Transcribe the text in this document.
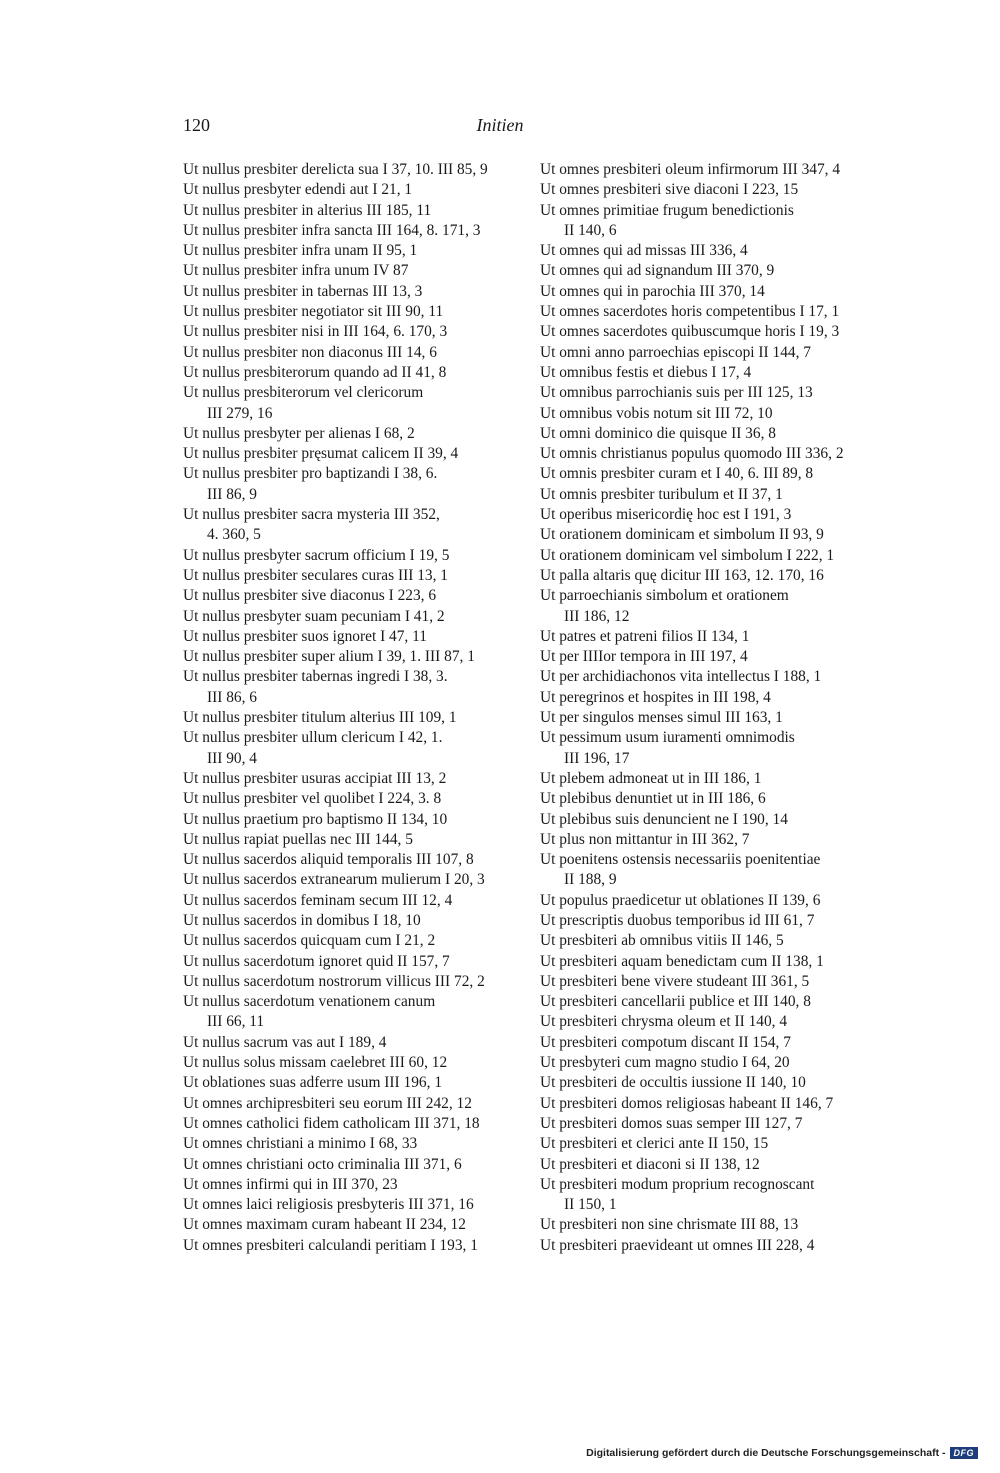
120	Initien
Ut nullus presbiter derelicta sua I 37, 10. III 85, 9
Ut nullus presbyter edendi aut I 21, 1
Ut nullus presbiter in alterius III 185, 11
Ut nullus presbiter infra sancta III 164, 8. 171, 3
Ut nullus presbiter infra unam II 95, 1
Ut nullus presbiter infra unum IV 87
Ut nullus presbiter in tabernas III 13, 3
Ut nullus presbiter negotiator sit III 90, 11
Ut nullus presbiter nisi in III 164, 6. 170, 3
Ut nullus presbiter non diaconus III 14, 6
Ut nullus presbiterorum quando ad II 41, 8
Ut nullus presbiterorum vel clericorum
III 279, 16
Ut nullus presbyter per alienas I 68, 2
Ut nullus presbiter pręsumat calicem II 39, 4
Ut nullus presbiter pro baptizandi I 38, 6.
III 86, 9
Ut nullus presbiter sacra mysteria III 352,
4. 360, 5
Ut nullus presbyter sacrum officium I 19, 5
Ut nullus presbiter seculares curas III 13, 1
Ut nullus presbiter sive diaconus I 223, 6
Ut nullus presbyter suam pecuniam I 41, 2
Ut nullus presbiter suos ignoret I 47, 11
Ut nullus presbiter super alium I 39, 1. III 87, 1
Ut nullus presbiter tabernas ingredi I 38, 3.
III 86, 6
Ut nullus presbiter titulum alterius III 109, 1
Ut nullus presbiter ullum clericum I 42, 1.
III 90, 4
Ut nullus presbiter usuras accipiat III 13, 2
Ut nullus presbiter vel quolibet I 224, 3. 8
Ut nullus praetium pro baptismo II 134, 10
Ut nullus rapiat puellas nec III 144, 5
Ut nullus sacerdos aliquid temporalis III 107, 8
Ut nullus sacerdos extranearum mulierum I 20, 3
Ut nullus sacerdos feminam secum III 12, 4
Ut nullus sacerdos in domibus I 18, 10
Ut nullus sacerdos quicquam cum I 21, 2
Ut nullus sacerdotum ignoret quid II 157, 7
Ut nullus sacerdotum nostrorum villicus III 72, 2
Ut nullus sacerdotum venationem canum
III 66, 11
Ut nullus sacrum vas aut I 189, 4
Ut nullus solus missam caelebret III 60, 12
Ut oblationes suas adferre usum III 196, 1
Ut omnes archipresbiteri seu eorum III 242, 12
Ut omnes catholici fidem catholicam III 371, 18
Ut omnes christiani a minimo I 68, 33
Ut omnes christiani octo criminalia III 371, 6
Ut omnes infirmi qui in III 370, 23
Ut omnes laici religiosis presbyteris III 371, 16
Ut omnes maximam curam habeant II 234, 12
Ut omnes presbiteri calculandi peritiam I 193, 1
Ut omnes presbiteri oleum infirmorum III 347, 4
Ut omnes presbiteri sive diaconi I 223, 15
Ut omnes primitiae frugum benedictionis
II 140, 6
Ut omnes qui ad missas III 336, 4
Ut omnes qui ad signandum III 370, 9
Ut omnes qui in parochia III 370, 14
Ut omnes sacerdotes horis competentibus I 17, 1
Ut omnes sacerdotes quibuscumque horis I 19, 3
Ut omni anno parroechias episcopi II 144, 7
Ut omnibus festis et diebus I 17, 4
Ut omnibus parrochianis suis per III 125, 13
Ut omnibus vobis notum sit III 72, 10
Ut omni dominico die quisque II 36, 8
Ut omnis christianus populus quomodo III 336, 2
Ut omnis presbiter curam et I 40, 6. III 89, 8
Ut omnis presbiter turibulum et II 37, 1
Ut operibus misericordię hoc est I 191, 3
Ut orationem dominicam et simbolum II 93, 9
Ut orationem dominicam vel simbolum I 222, 1
Ut palla altaris quę dicitur III 163, 12. 170, 16
Ut parroechianis simbolum et orationem
III 186, 12
Ut patres et patreni filios II 134, 1
Ut per IIIIor tempora in III 197, 4
Ut per archidiachonos vita intellectus I 188, 1
Ut peregrinos et hospites in III 198, 4
Ut per singulos menses simul III 163, 1
Ut pessimum usum iuramenti omnimodis
III 196, 17
Ut plebem admoneat ut in III 186, 1
Ut plebibus denuntiet ut in III 186, 6
Ut plebibus suis denuncient ne I 190, 14
Ut plus non mittantur in III 362, 7
Ut poenitens ostensis necessariis poenitentiae
II 188, 9
Ut populus praedicetur ut oblationes II 139, 6
Ut prescriptis duobus temporibus id III 61, 7
Ut presbiteri ab omnibus vitiis II 146, 5
Ut presbiteri aquam benedictam cum II 138, 1
Ut presbiteri bene vivere studeant III 361, 5
Ut presbiteri cancellarii publice et III 140, 8
Ut presbiteri chrysma oleum et II 140, 4
Ut presbiteri compotum discant II 154, 7
Ut presbyteri cum magno studio I 64, 20
Ut presbiteri de occultis iussione II 140, 10
Ut presbiteri domos religiosas habeant II 146, 7
Ut presbiteri domos suas semper III 127, 7
Ut presbiteri et clerici ante II 150, 15
Ut presbiteri et diaconi si II 138, 12
Ut presbiteri modum proprium recognoscant
II 150, 1
Ut presbiteri non sine chrismate III 88, 13
Ut presbiteri praevideant ut omnes III 228, 4
Digitalisierung gefördert durch die Deutsche Forschungsgemeinschaft - DFG
